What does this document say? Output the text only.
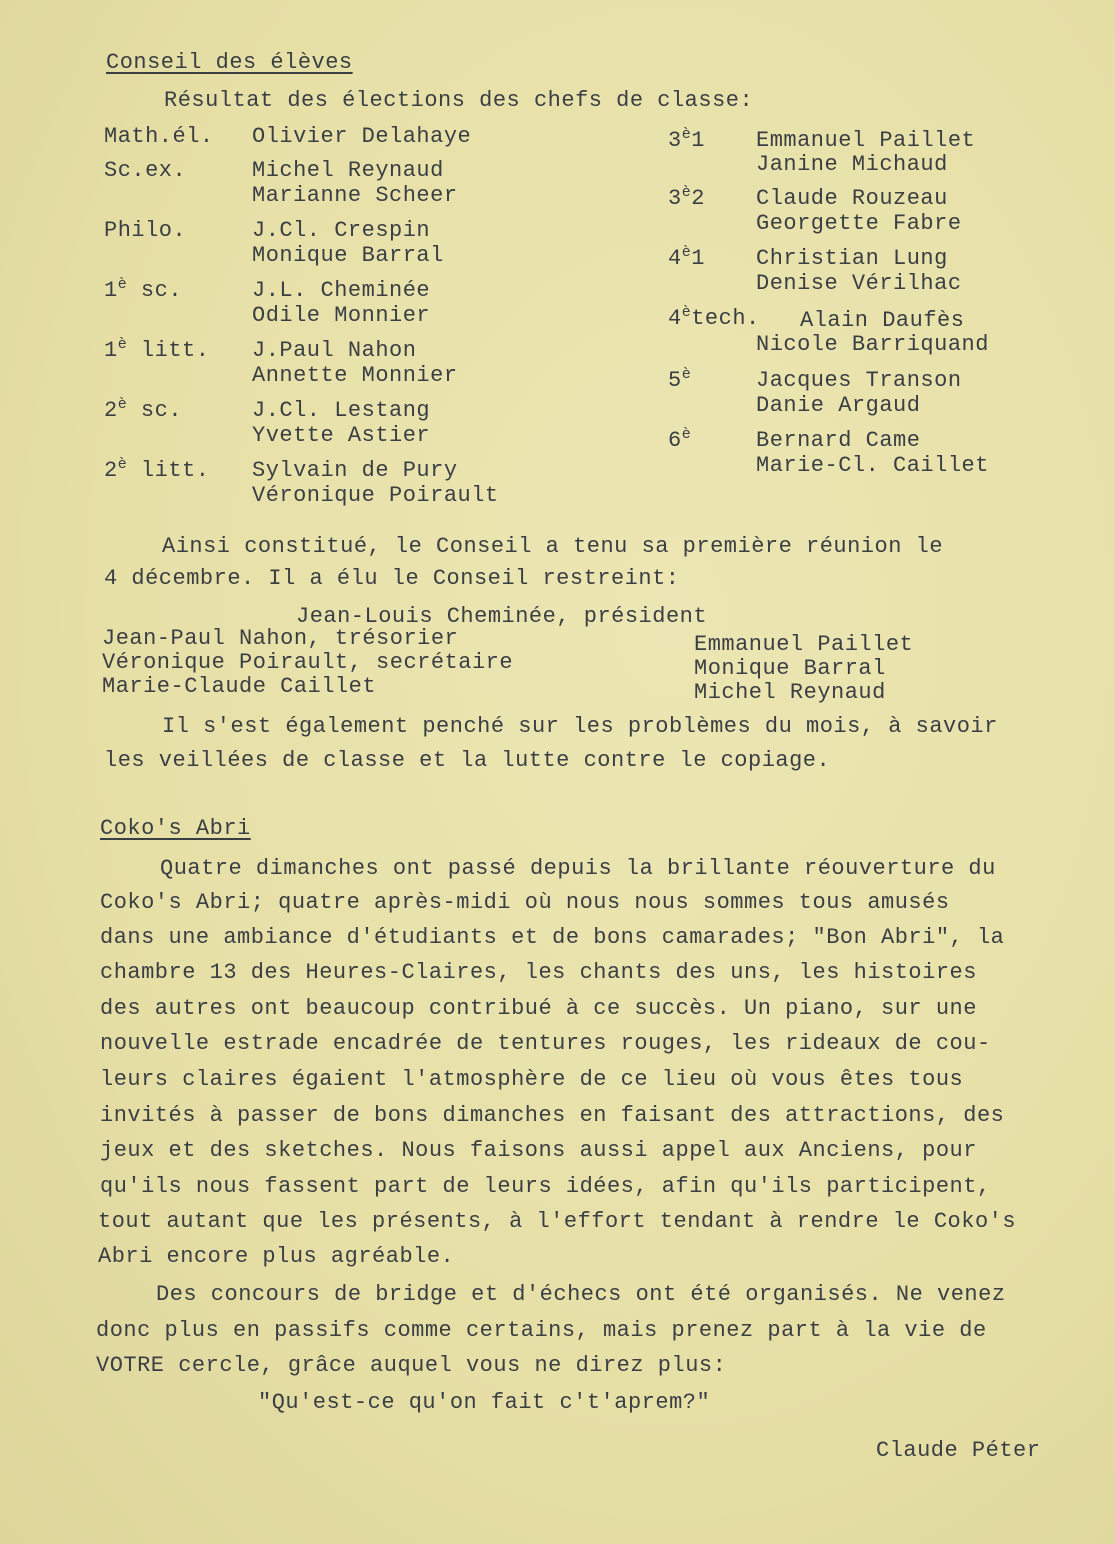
Conseil des élèves
Résultat des élections des chefs de classe:
Math.él. Olivier Delahaye
Sc.ex.	Michel Reynaud
Marianne Scheer
Philo.	J.Cl. Crespin
Monique Barral
$1^è$ sc.	J.L. Cheminée
Odile Monnier
$1^è$ litt. J.Paul Nahon
Annette Monnier
$2^è$ sc.	J.Cl. Lestang
Yvette Astier
$2^è$ litt. Sylvain de Pury
Véronique Poirault
$3^è1$ Emmanuel Paillet
Janine Michaud
$3^è2$ Claude Rouzeau
Georgette Fabre
$4^è1$ Christian Lung
Denise Vérilhac
$4^ètech$. Alain Daufès
Nicole Barriquand
$5^è$	Jacques Transon
Danie Argaud
$6^è$	Bernard Came
Marie-Cl. Caillet
Ainsi constitué, le Conseil a tenu sa première réunion le
4 décembre. Il a élu le Conseil restreint:
Jean-Louis Cheminée, président
Jean-Paul Nahon, trésorier
Véronique Poirault, secrétaire
Marie-Claude Caillet
Emmanuel Paillet
Monique Barral
Michel Reynaud
Il s'est également penché sur les problèmes du mois, à savoir
les veillées de classe et la lutte contre le copiage.
Coko's Abri
Quatre dimanches ont passé depuis la brillante réouverture du
Coko's Abri; quatre après-midi où nous nous sommes tous amusés
dans une ambiance d'étudiants et de bons camarades; "Bon Abri", la
chambre 13 des Heures-Claires, les chants des uns, les histoires
des autres ont beaucoup contribué à ce succès. Un piano, sur une
nouvelle estrade encadrée de tentures rouges, les rideaux de cou-
leurs claires égaient l'atmosphère de ce lieu où vous êtes tous
invités à passer de bons dimanches en faisant des attractions, des
jeux et des sketches. Nous faisons aussi appel aux Anciens, pour
qu'ils nous fassent part de leurs idées, afin qu'ils participent,
tout autant que les présents, à l'effort tendant à rendre le Coko's
Abri encore plus agréable.
Des concours de bridge et d'échecs ont été organisés. Ne venez
donc plus en passifs comme certains, mais prenez part à la vie de
VOTRE cercle, grâce auquel vous ne direz plus:
"Qu'est-ce qu'on fait c't'aprem?"
Claude Péter
